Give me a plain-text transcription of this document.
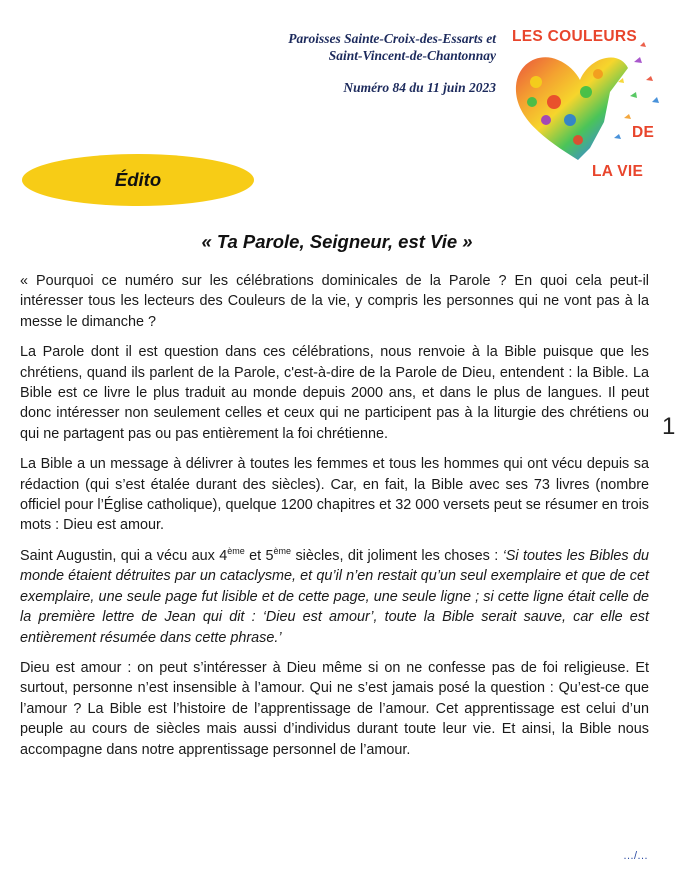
Paroisses Sainte-Croix-des-Essarts et
Saint-Vincent-de-Chantonnay
Numéro 84 du 11 juin 2023
LES COULEURS
DE
LA VIE
Édito
« Ta Parole, Seigneur, est Vie »

« Pourquoi ce numéro sur les célébrations dominicales de la Parole ? En quoi cela peut-il intéresser tous les lecteurs des Couleurs de la vie, y compris les personnes qui ne vont pas à la messe le dimanche ?

La Parole dont il est question dans ces célébrations, nous renvoie à la Bible puisque que les chrétiens, quand ils parlent de la Parole, c'est-à-dire de la Parole de Dieu, entendent : la Bible. La Bible est ce livre le plus traduit au monde depuis 2000 ans, et dans le plus de langues. Il peut donc intéresser non seulement celles et ceux qui ne participent pas à la liturgie des chrétiens ou qui ne partagent pas ou pas entièrement la foi chrétienne.

La Bible a un message à délivrer à toutes les femmes et tous les hommes qui ont vécu depuis sa rédaction (qui s’est étalée durant des siècles). Car, en fait, la Bible avec ses 73 livres (nombre officiel pour l’Église catholique), quelque 1200 chapitres et 32 000 versets peut se résumer en trois mots : Dieu est amour.

Saint Augustin, qui a vécu aux 4ème et 5ème siècles, dit joliment les choses : ‘Si toutes les Bibles du monde étaient détruites par un cataclysme, et qu’il n’en restait qu’un seul exemplaire et que de cet exemplaire, une seule page fut lisible et de cette page, une seule ligne ; si cette ligne était celle de la première lettre de Jean qui dit : ‘Dieu est amour’, toute la Bible serait sauve, car elle est entièrement résumée dans cette phrase.’

Dieu est amour : on peut s’intéresser à Dieu même si on ne confesse pas de foi religieuse. Et surtout, personne n’est insensible à l’amour. Qui ne s’est jamais posé la question : Qu’est-ce que l’amour ? La Bible est l’histoire de l’apprentissage de l’amour. Cet apprentissage est celui d’un peuple au cours de siècles mais aussi d’individus durant toute leur vie. Et ainsi, la Bible nous accompagne dans notre apprentissage personnel de l’amour.

1
…/…
